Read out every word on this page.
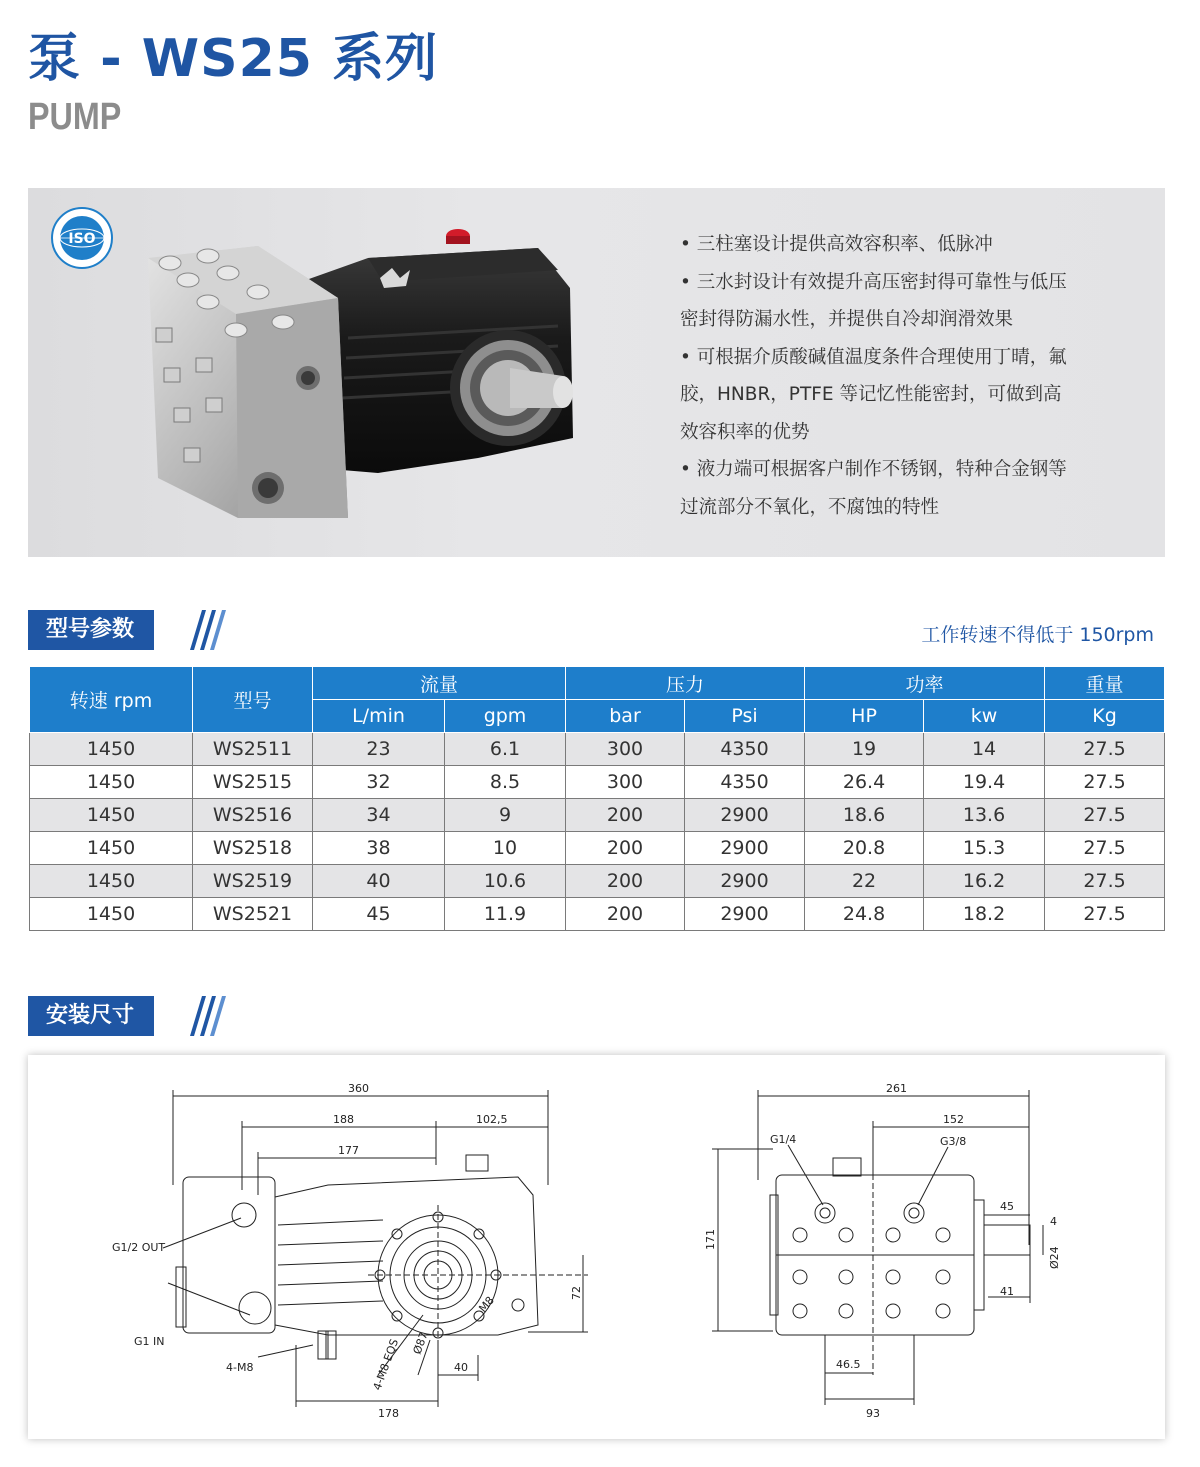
泵 - WS25 系列
PUMP
ISO	• 三柱塞设计提供高效容积率、低脉冲
• 三水封设计有效提升高压密封得可靠性与低压
密封得防漏水性，并提供自冷却润滑效果
• 可根据介质酸碱值温度条件合理使用丁晴，氟
胶，HNBR，PTFE 等记忆性能密封，可做到高
效容积率的优势
• 液力端可根据客户制作不锈钢，特种合金钢等
过流部分不氧化，不腐蚀的特性
型号参数	工作转速不得低于 150rpm
转速 rpm	型号	流量		压力		功率		重量
		L/min	gpm	bar	Psi	HP	kw	Kg
1450	WS2511	23	6.1	300	4350	19	14	27.5
1450	WS2515	32	8.5	300	4350	26.4	19.4	27.5
1450	WS2516	34	9	200	2900	18.6	13.6	27.5
1450	WS2518	38	10	200	2900	20.8	15.3	27.5
1450	WS2519	40	10.6	200	2900	22	16.2	27.5
1450	WS2521	45	11.9	200	2900	24.8	18.2	27.5
安装尺寸
360
188	102,5
177
72
40
178
G1/2 OUT
G1 IN
4-M8	4-M8 EQS Ø87
M8
261
152
171
45
4
Ø24
41
46.5
93
G1/4	G3/8
